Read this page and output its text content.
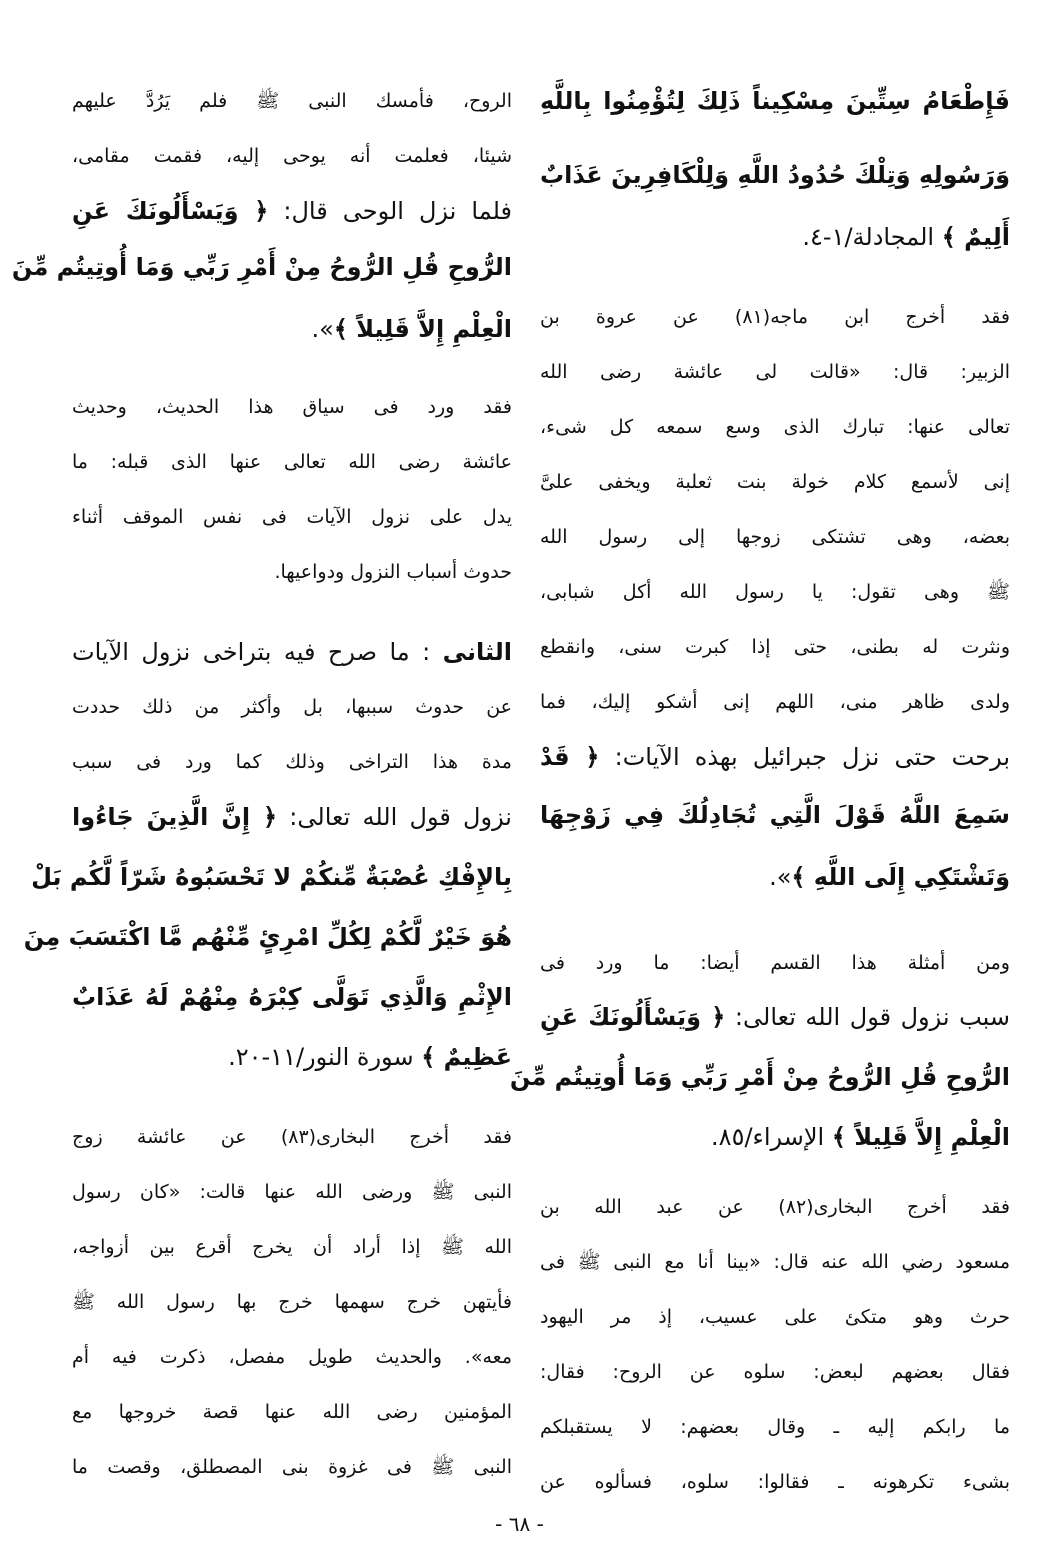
فَإِطْعَامُ سِتِّينَ مِسْكِيناً ذَلِكَ لِتُؤْمِنُوا بِاللَّهِ
وَرَسُولِهِ وَتِلْكَ حُدُودُ اللَّهِ وَلِلْكَافِرِينَ عَذَابٌ
أَلِيمٌ ﴾ المجادلة/١-٤.
فقد أخرج ابن ماجه(٨١) عن عروة بن
الزبير: قال: «قالت لى عائشة رضى الله
تعالى عنها: تبارك الذى وسع سمعه كل شىء،
إنى لأسمع كلام خولة بنت ثعلبة ويخفى علىَّ
بعضه، وهى تشتكى زوجها إلى رسول الله
ﷺ وهى تقول: يا رسول الله أكل شبابى،
ونثرت له بطنى، حتى إذا كبرت سنى، وانقطع
ولدى ظاهر منى، اللهم إنى أشكو إليك، فما
برحت حتى نزل جبرائيل بهذه الآيات: ﴿ قَدْ
سَمِعَ اللَّهُ قَوْلَ الَّتِي تُجَادِلُكَ فِي زَوْجِهَا
وَتَشْتَكِي إِلَى اللَّهِ ﴾».
ومن أمثلة هذا القسم أيضا: ما ورد فى
سبب نزول قول الله تعالى: ﴿ وَيَسْأَلُونَكَ عَنِ
الرُّوحِ قُلِ الرُّوحُ مِنْ أَمْرِ رَبِّي وَمَا أُوتِيتُم مِّنَ
الْعِلْمِ إِلاَّ قَلِيلاً ﴾ الإسراء/٨٥.
فقد أخرج البخارى(٨٢) عن عبد الله بن
مسعود رضي الله عنه قال: «بينا أنا مع النبى ﷺ فى
حرث وهو متكئ على عسيب، إذ مر اليهود
فقال بعضهم لبعض: سلوه عن الروح: فقال:
ما رابكم إليه ـ وقال بعضهم: لا يستقبلكم
بشىء تكرهونه ـ فقالوا: سلوه، فسألوه عن
الروح، فأمسك النبى ﷺ فلم يَرُدَّ عليهم
شيئا، فعلمت أنه يوحى إليه، فقمت مقامى،
فلما نزل الوحى قال: ﴿ وَيَسْأَلُونَكَ عَنِ
الرُّوحِ قُلِ الرُّوحُ مِنْ أَمْرِ رَبِّي وَمَا أُوتِيتُم مِّنَ
الْعِلْمِ إِلاَّ قَلِيلاً ﴾».
فقد ورد فى سياق هذا الحديث، وحديث
عائشة رضى الله تعالى عنها الذى قبله: ما
يدل على نزول الآيات فى نفس الموقف أثناء
حدوث أسباب النزول ودواعيها.
الثانى : ما صرح فيه بتراخى نزول الآيات
عن حدوث سببها، بل وأكثر من ذلك حددت
مدة هذا التراخى وذلك كما ورد فى سبب
نزول قول الله تعالى: ﴿ إِنَّ الَّذِينَ جَاءُوا
بِالإِفْكِ عُصْبَةٌ مِّنكُمْ لا تَحْسَبُوهُ شَرّاً لَّكُم بَلْ
هُوَ خَيْرٌ لَّكُمْ لِكُلِّ امْرِئٍ مِّنْهُم مَّا اكْتَسَبَ مِنَ
الإِثْمِ وَالَّذِي تَوَلَّى كِبْرَهُ مِنْهُمْ لَهُ عَذَابٌ
عَظِيمٌ ﴾ سورة النور/١١-٢٠.
فقد أخرج البخارى(٨٣) عن عائشة زوج
النبى ﷺ ورضى الله عنها قالت: «كان رسول
الله ﷺ إذا أراد أن يخرج أقرع بين أزواجه،
فأيتهن خرج سهمها خرج بها رسول الله ﷺ
معه». والحديث طويل مفصل، ذكرت فيه أم
المؤمنين رضى الله عنها قصة خروجها مع
النبى ﷺ فى غزوة بنى المصطلق، وقصت ما
- ٦٨ -
